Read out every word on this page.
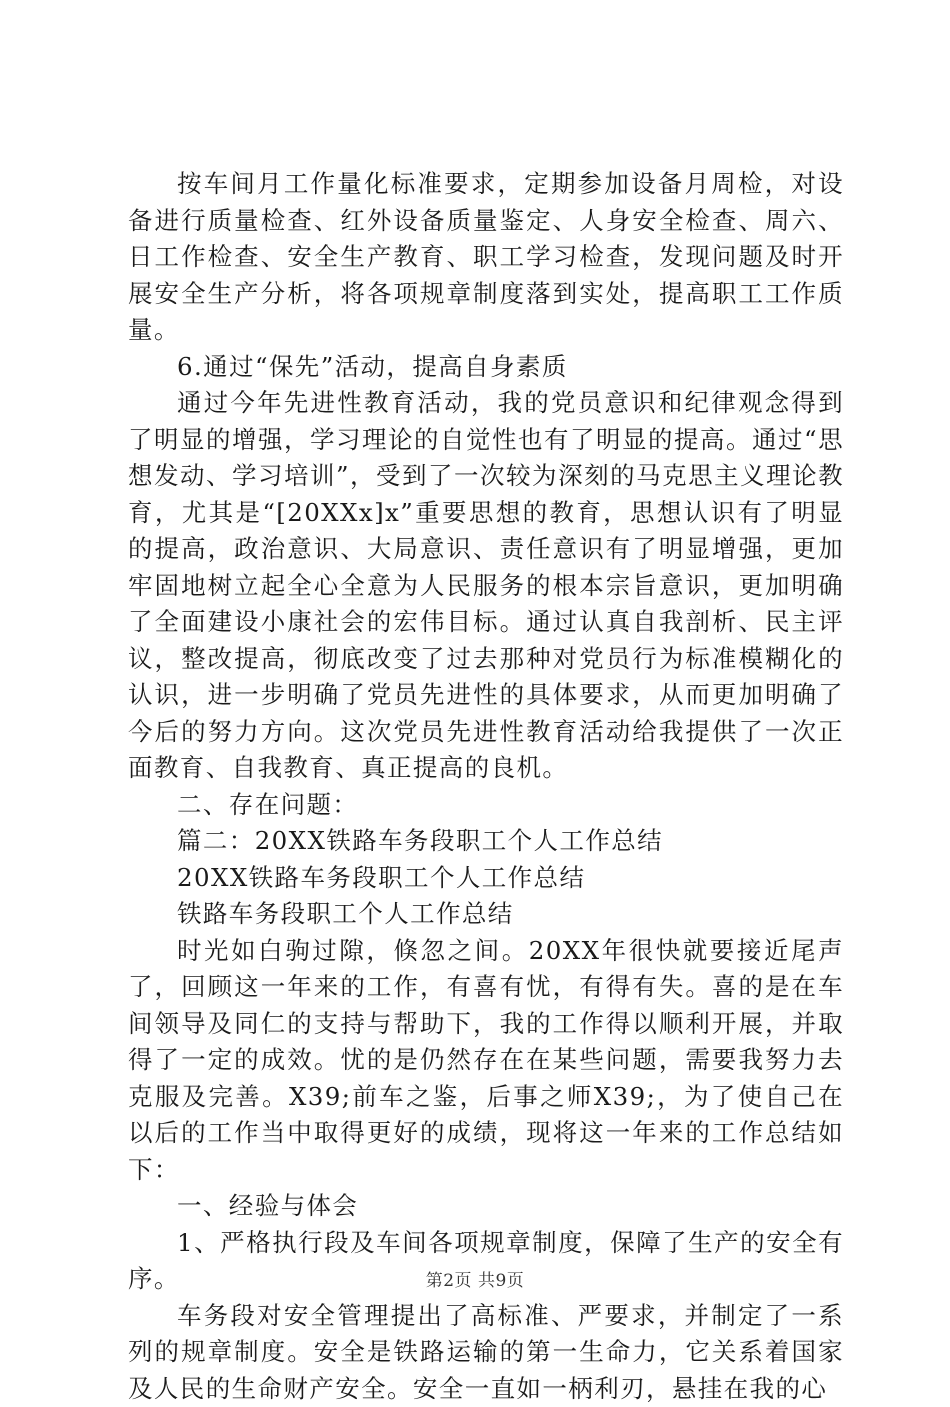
按车间月工作量化标准要求，定期参加设备月周检，对设备进行质量检查、红外设备质量鉴定、人身安全检查、周六、日工作检查、安全生产教育、职工学习检查，发现问题及时开展安全生产分析，将各项规章制度落到实处，提高职工工作质量。

6.通过“保先”活动，提高自身素质

通过今年先进性教育活动，我的党员意识和纪律观念得到了明显的增强，学习理论的自觉性也有了明显的提高。通过“思想发动、学习培训”，受到了一次较为深刻的马克思主义理论教育，尤其是“[20XXx]x”重要思想的教育，思想认识有了明显的提高，政治意识、大局意识、责任意识有了明显增强，更加牢固地树立起全心全意为人民服务的根本宗旨意识，更加明确了全面建设小康社会的宏伟目标。通过认真自我剖析、民主评议，整改提高，彻底改变了过去那种对党员行为标准模糊化的认识，进一步明确了党员先进性的具体要求，从而更加明确了今后的努力方向。这次党员先进性教育活动给我提供了一次正面教育、自我教育、真正提高的良机。

二、存在问题：

篇二：20XX铁路车务段职工个人工作总结

20XX铁路车务段职工个人工作总结

铁路车务段职工个人工作总结

时光如白驹过隙，倏忽之间。20XX年很快就要接近尾声了，回顾这一年来的工作，有喜有忧，有得有失。喜的是在车间领导及同仁的支持与帮助下，我的工作得以顺利开展，并取得了一定的成效。忧的是仍然存在在某些问题，需要我努力去克服及完善。X39;前车之鉴，后事之师X39;，为了使自己在以后的工作当中取得更好的成绩，现将这一年来的工作总结如下：

一、经验与体会

1、严格执行段及车间各项规章制度，保障了生产的安全有序。

车务段对安全管理提出了高标准、严要求，并制定了一系列的规章制度。安全是铁路运输的第一生命力，它关系着国家及人民的生命财产安全。安全一直如一柄利刃，悬挂在我的心

第2页 共9页
